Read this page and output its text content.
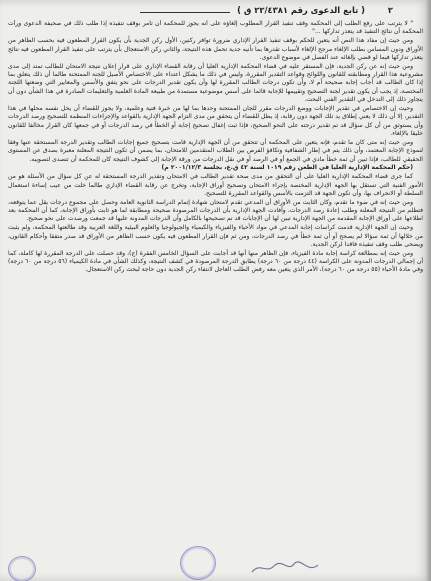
٢
( تابع الدعوى رقم ٢٢/٤٣٨١ ق )

" لا يترتب على رفع الطلب إلى المحكمة وقف تنفيذ القرار المطلوب إلغاؤه على أنه يجوز للمحكمة أن تأمر بوقف تنفيذه إذا طلب ذلك في صحيفة الدعوى ورأت المحكمة أن نتائج التنفيذ قد يتعذر تداركها ..."

ومن حيث إن مفاد هذا النص أنه يتعين للحكم بوقف تنفيذ القرار الإداري ضرورة توافر ركنين، الأول ركن الجدية بأن يكون القرار المطعون فيه بحسب الظاهر من الأوراق ودون المساس بطلب الإلغاء مرجح الإلغاء لأسباب تقدرها بما تأنيه جدية تحمل هذه النتيجة، والثاني ركن الاستعجال بأن يترتب على تنفيذ القرار المطعون فيه نتائج يتعذر تداركها فيما لو قضي بإلغائه عند الفصل في موضوع الدعوى.

ومن حيث إنه عن ركن الجدية، فإن المستقر عليه في قضاء المحكمة الإدارية العليا أن رقابة القضاء الإداري على قرار إعلان نتيجة الامتحان للطالب تمتد إلى مدى مشروعية هذا القرار ومطابقته للقانون واللوائح وقواعد التقدير المقررة، وليس في ذلك ما يشكل اعتداء على الاختصاص الأصيل للجنة الممتحنة طالما أن ذلك يتعلق بما إذا كان الطالب قد أجاب إجابة صحيحة أم لا، وأن تكون درجات الطالب المقررة لها وأن يكون تقدير الدرجات على نحو يتفق والأسس والمعايير التي وضعتها اللجنة المختصة، إذ يجب أن يكون تقدير لجنة التصحيح وتقييمها للإجابة قائما على أسس موضوعية مستمدة من طبيعة المادة العلمية والتعليمات الصادرة في هذا الشأن دون أن يتجاوز ذلك إلى التدخل في التقدير الفني البحت.

وحيث إن الاختصاص في تقدير الإجابات ووضع الدرجات مقرر للجان الممتحنة وحدها بما لها من خبرة فنية وعلمية، ولا يجوز للقضاء أن يحل نفسه محلها في هذا التقدير، إلا أن ذلك لا يعني إطلاق يد تلك الجهة دون رقابة، إذ يظل للقضاء أن يتحقق من مدى التزام الجهة الإدارية بالقواعد والإجراءات المنظمة للتصحيح ورصد الدرجات وأن يستوثق من أن كل سؤال قد تم تقدير درجته على النحو الصحيح، فإذا ثبت إغفال تصحيح إجابة أو الخطأ في رصد الدرجات أو في جمعها كان القرار مخالفا للقانون خليقا بالإلغاء.

ومن حيث إنه متى كان ما تقدم، فإنه يتعين على المحكمة أن تتحقق من أن الجهة الإدارية قامت بتصحيح جميع إجابات الطالب وتقدير الدرجة المستحقة عنها وفقا لنموذج الإجابة المعتمد، وأن ذلك يتم في إطار الشفافية وتكافؤ الفرص بين الطلاب المتقدمين للامتحان، بما يضمن أن تكون النتيجة المعلنة معبرة بصدق عن المستوى الحقيقي للطالب، فإذا تبين أن ثمة خطأ مادي في الجمع أو في الرصد أو في نقل الدرجات من ورقة الإجابة إلى كشوف النتيجة كان للمحكمة أن تتصدى لتصويبه.

(حكم المحكمة الإدارية العليا في الطعن رقم ١٠١٩ لسنة ٤٢ ق.ع، بجلسة ٢٠٠١/١٢/٣ م)

كما جرى قضاء المحكمة الإدارية العليا على أن التحقق من مدى صحة تقدير الطالب في الامتحان وتقدير الدرجة المستحقة له عن كل سؤال من الأسئلة هو من الأمور الفنية التي تستقل بها الجهة الإدارية المختصة بإجراء الامتحان وتصحيح أوراق الإجابة، وتخرج عن رقابة القضاء الإداري طالما خلت من عيب إساءة استعمال السلطة أو الانحراف بها، وأن تكون الجهة قد التزمت بالأسس والقواعد المقررة للتصحيح.

ومن حيث إنه في ضوء ما تقدم، وكان الثابت من الأوراق أن المدعي تقدم لامتحان شهادة إتمام الدراسة الثانوية العامة وحصل على مجموع درجات يقل عما يتوقعه، فتظلم من النتيجة المعلنة وطلب إعادة رصد الدرجات، وأفادت الجهة الإدارية بأن الدرجات المرصودة صحيحة ومطابقة لما هو ثابت بأوراق الإجابة، كما أن المحكمة بعد اطلاعها على أوراق الإجابة المقدمة من الجهة الإدارية تبين لها أن الإجابات قد تم تصحيحها بالكامل وأن الدرجات المدونة عليها قد جمعت ورصدت على نحو صحيح.

وحيث إن الجهة الإدارية قدمت كراسات إجابة المدعي في مواد الأحياء والفيزياء والكيمياء والجيولوجيا والعلوم البيئية واللغة العربية وقد طالعتها المحكمة، ولم يثبت من خلالها أن ثمة سؤالا لم يصحح أو أن ثمة خطأ في رصد الدرجات، ومن ثم فإن القرار المطعون فيه يكون حسب الظاهر من الأوراق قد صدر متفقا وأحكام القانون، ويضحى طلب وقف تنفيذه فاقدا لركن الجدية.

ومن حيث إنه بمطالعة كراسة إجابة مادة الفيزياء، فإن الظاهر منها أنها قد أجابت على السؤال الخامس الفقرة (ج)، وقد حصلت على الدرجة المقررة لها كاملة، كما أن إجمالي الدرجات المدونة على الكراسة (٤٤ درجة من ٦٠ درجة) يطابق الدرجة المرصودة في كشف النتيجة، وكذلك الشأن في مادة الكيمياء (٥٦ درجة من ٦٠ درجة) وفي مادة الأحياء (٥٥ درجة من ٦٠ درجة)، الأمر الذي يتعين معه رفض الطلب العاجل لانتفاء ركن الجدية دون حاجة لبحث ركن الاستعجال.
